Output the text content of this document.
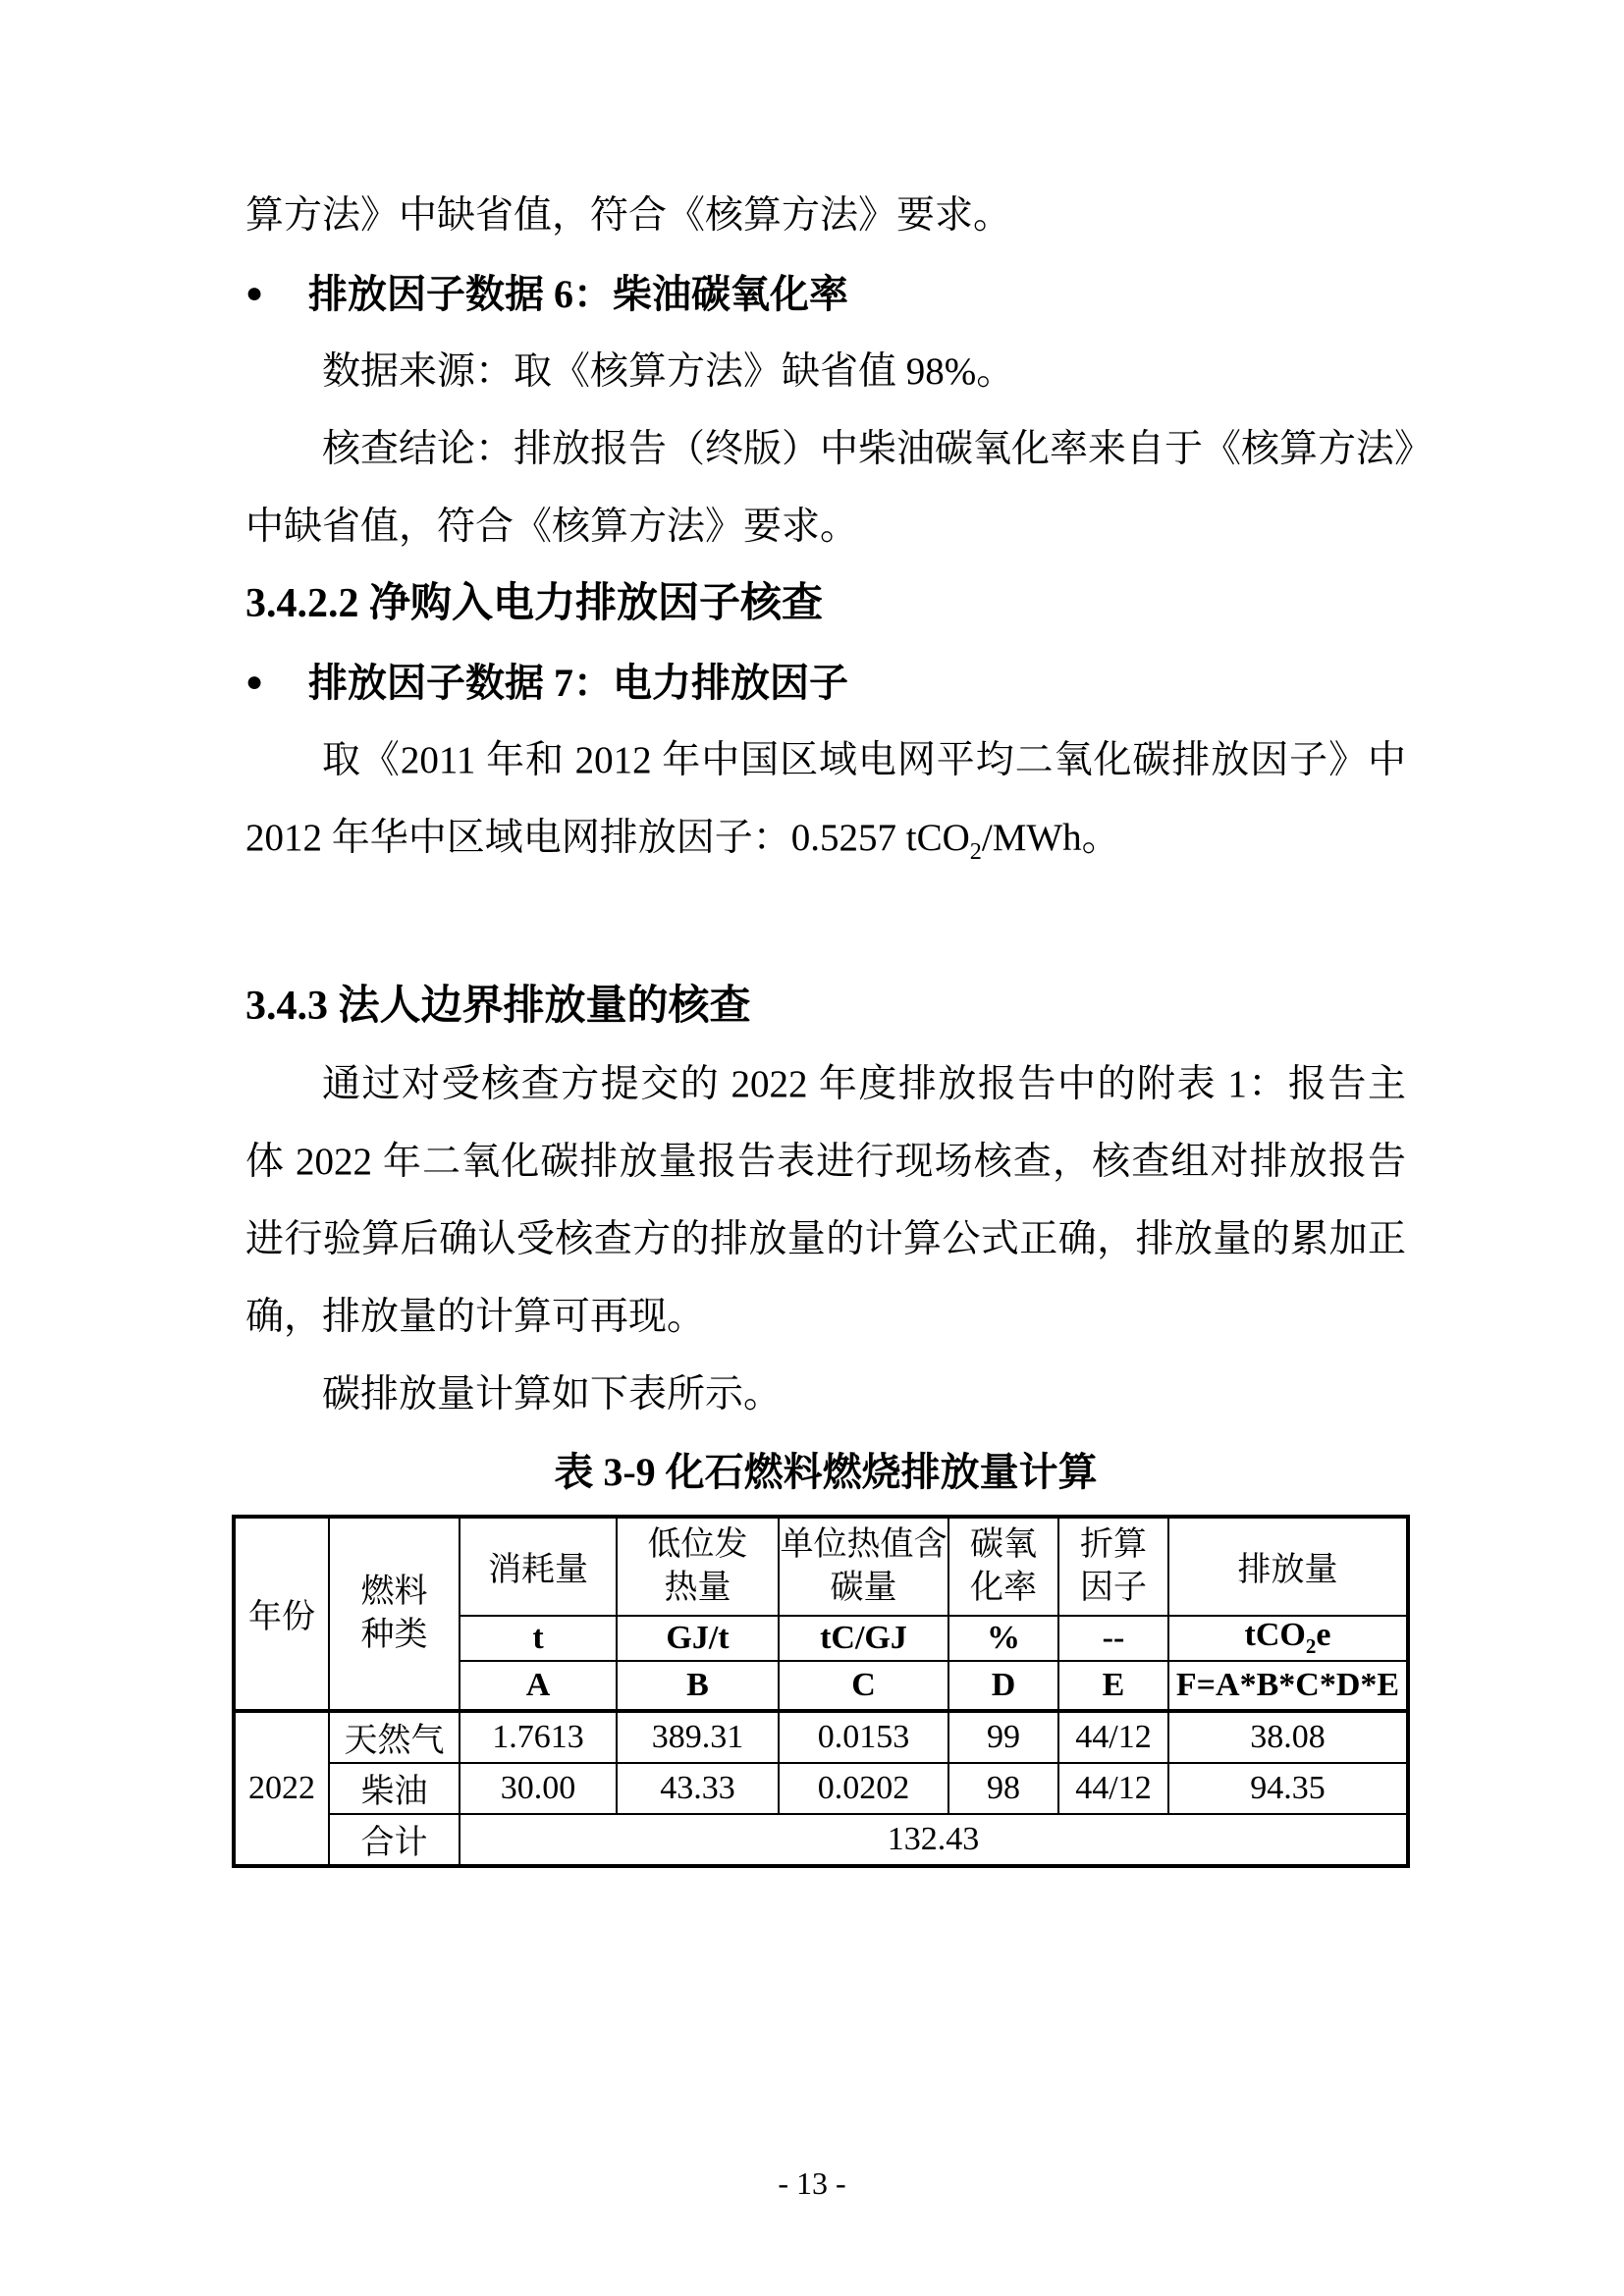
算方法》中缺省值，符合《核算方法》要求。

● 排放因子数据 6：柴油碳氧化率

数据来源：取《核算方法》缺省值 98%。

核查结论：排放报告（终版）中柴油碳氧化率来自于《核算方法》

中缺省值，符合《核算方法》要求。

3.4.2.2 净购入电力排放因子核查

● 排放因子数据 7：电力排放因子

取《2011 年和 2012 年中国区域电网平均二氧化碳排放因子》中

2012 年华中区域电网排放因子：0.5257 tCO$_2$/MWh。

3.4.3 法人边界排放量的核查

通过对受核查方提交的 2022 年度排放报告中的附表 1：报告主

体 2022 年二氧化碳排放量报告表进行现场核查，核查组对排放报告

进行验算后确认受核查方的排放量的计算公式正确，排放量的累加正

确，排放量的计算可再现。

碳排放量计算如下表所示。

表 3-9 化石燃料燃烧排放量计算

年份	燃料种类	消耗量	低位发热量	单位热值含碳量	碳氧化率	折算因子	排放量
		t	GJ/t	tC/GJ	%	--	tCO$_2$e
		A	B	C	D	E	F=A*B*C*D*E
2022	天然气	1.7613	389.31	0.0153	99	44/12	38.08
	柴油	30.00	43.33	0.0202	98	44/12	94.35
	合计	132.43					
- 13 -
